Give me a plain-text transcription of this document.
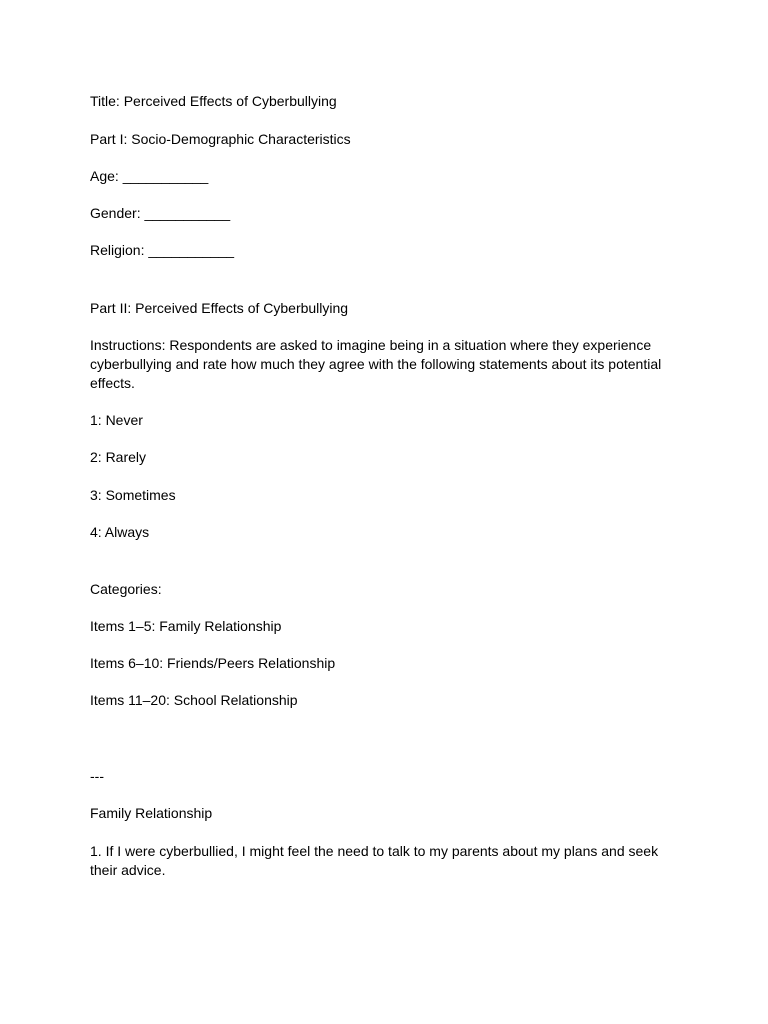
Title: Perceived Effects of Cyberbullying
Part I: Socio-Demographic Characteristics
Age: ___________
Gender: ___________
Religion: ___________
Part II: Perceived Effects of Cyberbullying
Instructions: Respondents are asked to imagine being in a situation where they experience cyberbullying and rate how much they agree with the following statements about its potential effects.
1: Never
2: Rarely
3: Sometimes
4: Always
Categories:
Items 1–5: Family Relationship
Items 6–10: Friends/Peers Relationship
Items 11–20: School Relationship
---
Family Relationship
1. If I were cyberbullied, I might feel the need to talk to my parents about my plans and seek their advice.
